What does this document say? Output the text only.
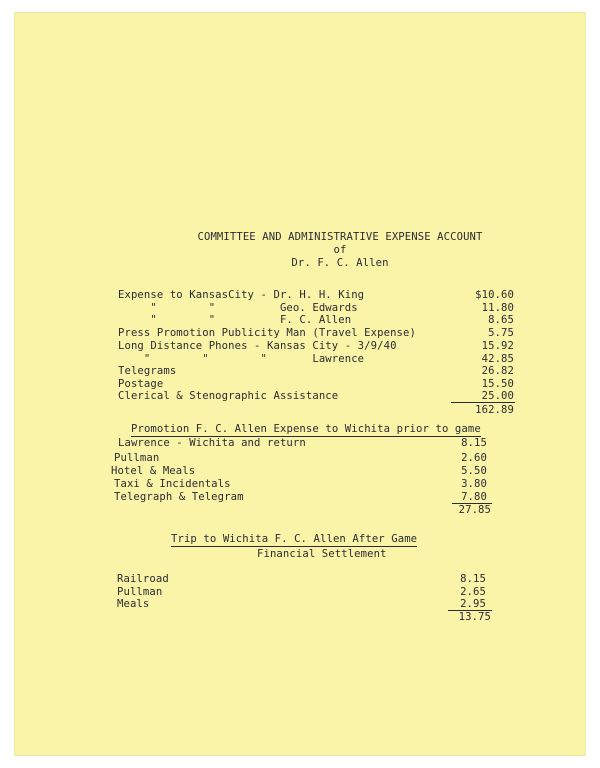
COMMITTEE AND ADMINISTRATIVE EXPENSE ACCOUNT
of
Dr. F. C. Allen
Expense to KansasCity - Dr. H. H. King	$10.60
"        "          Geo. Edwards	11.80
"        "          F. C. Allen	8.65
Press Promotion Publicity Man (Travel Expense)	5.75
Long Distance Phones - Kansas City - 3/9/40	15.92
"        "        "       Lawrence	42.85
Telegrams	26.82
Postage	15.50
Clerical & Stenographic Assistance	25.00
162.89
Promotion F. C. Allen Expense to Wichita prior to game
Lawrence - Wichita and return	8.15
Pullman	2.60
Hotel & Meals	5.50
Taxi & Incidentals	3.80
Telegraph & Telegram	7.80
27.85
Trip to Wichita F. C. Allen After Game
Financial Settlement
Railroad	8.15
Pullman	2.65
Meals	2.95
13.75
